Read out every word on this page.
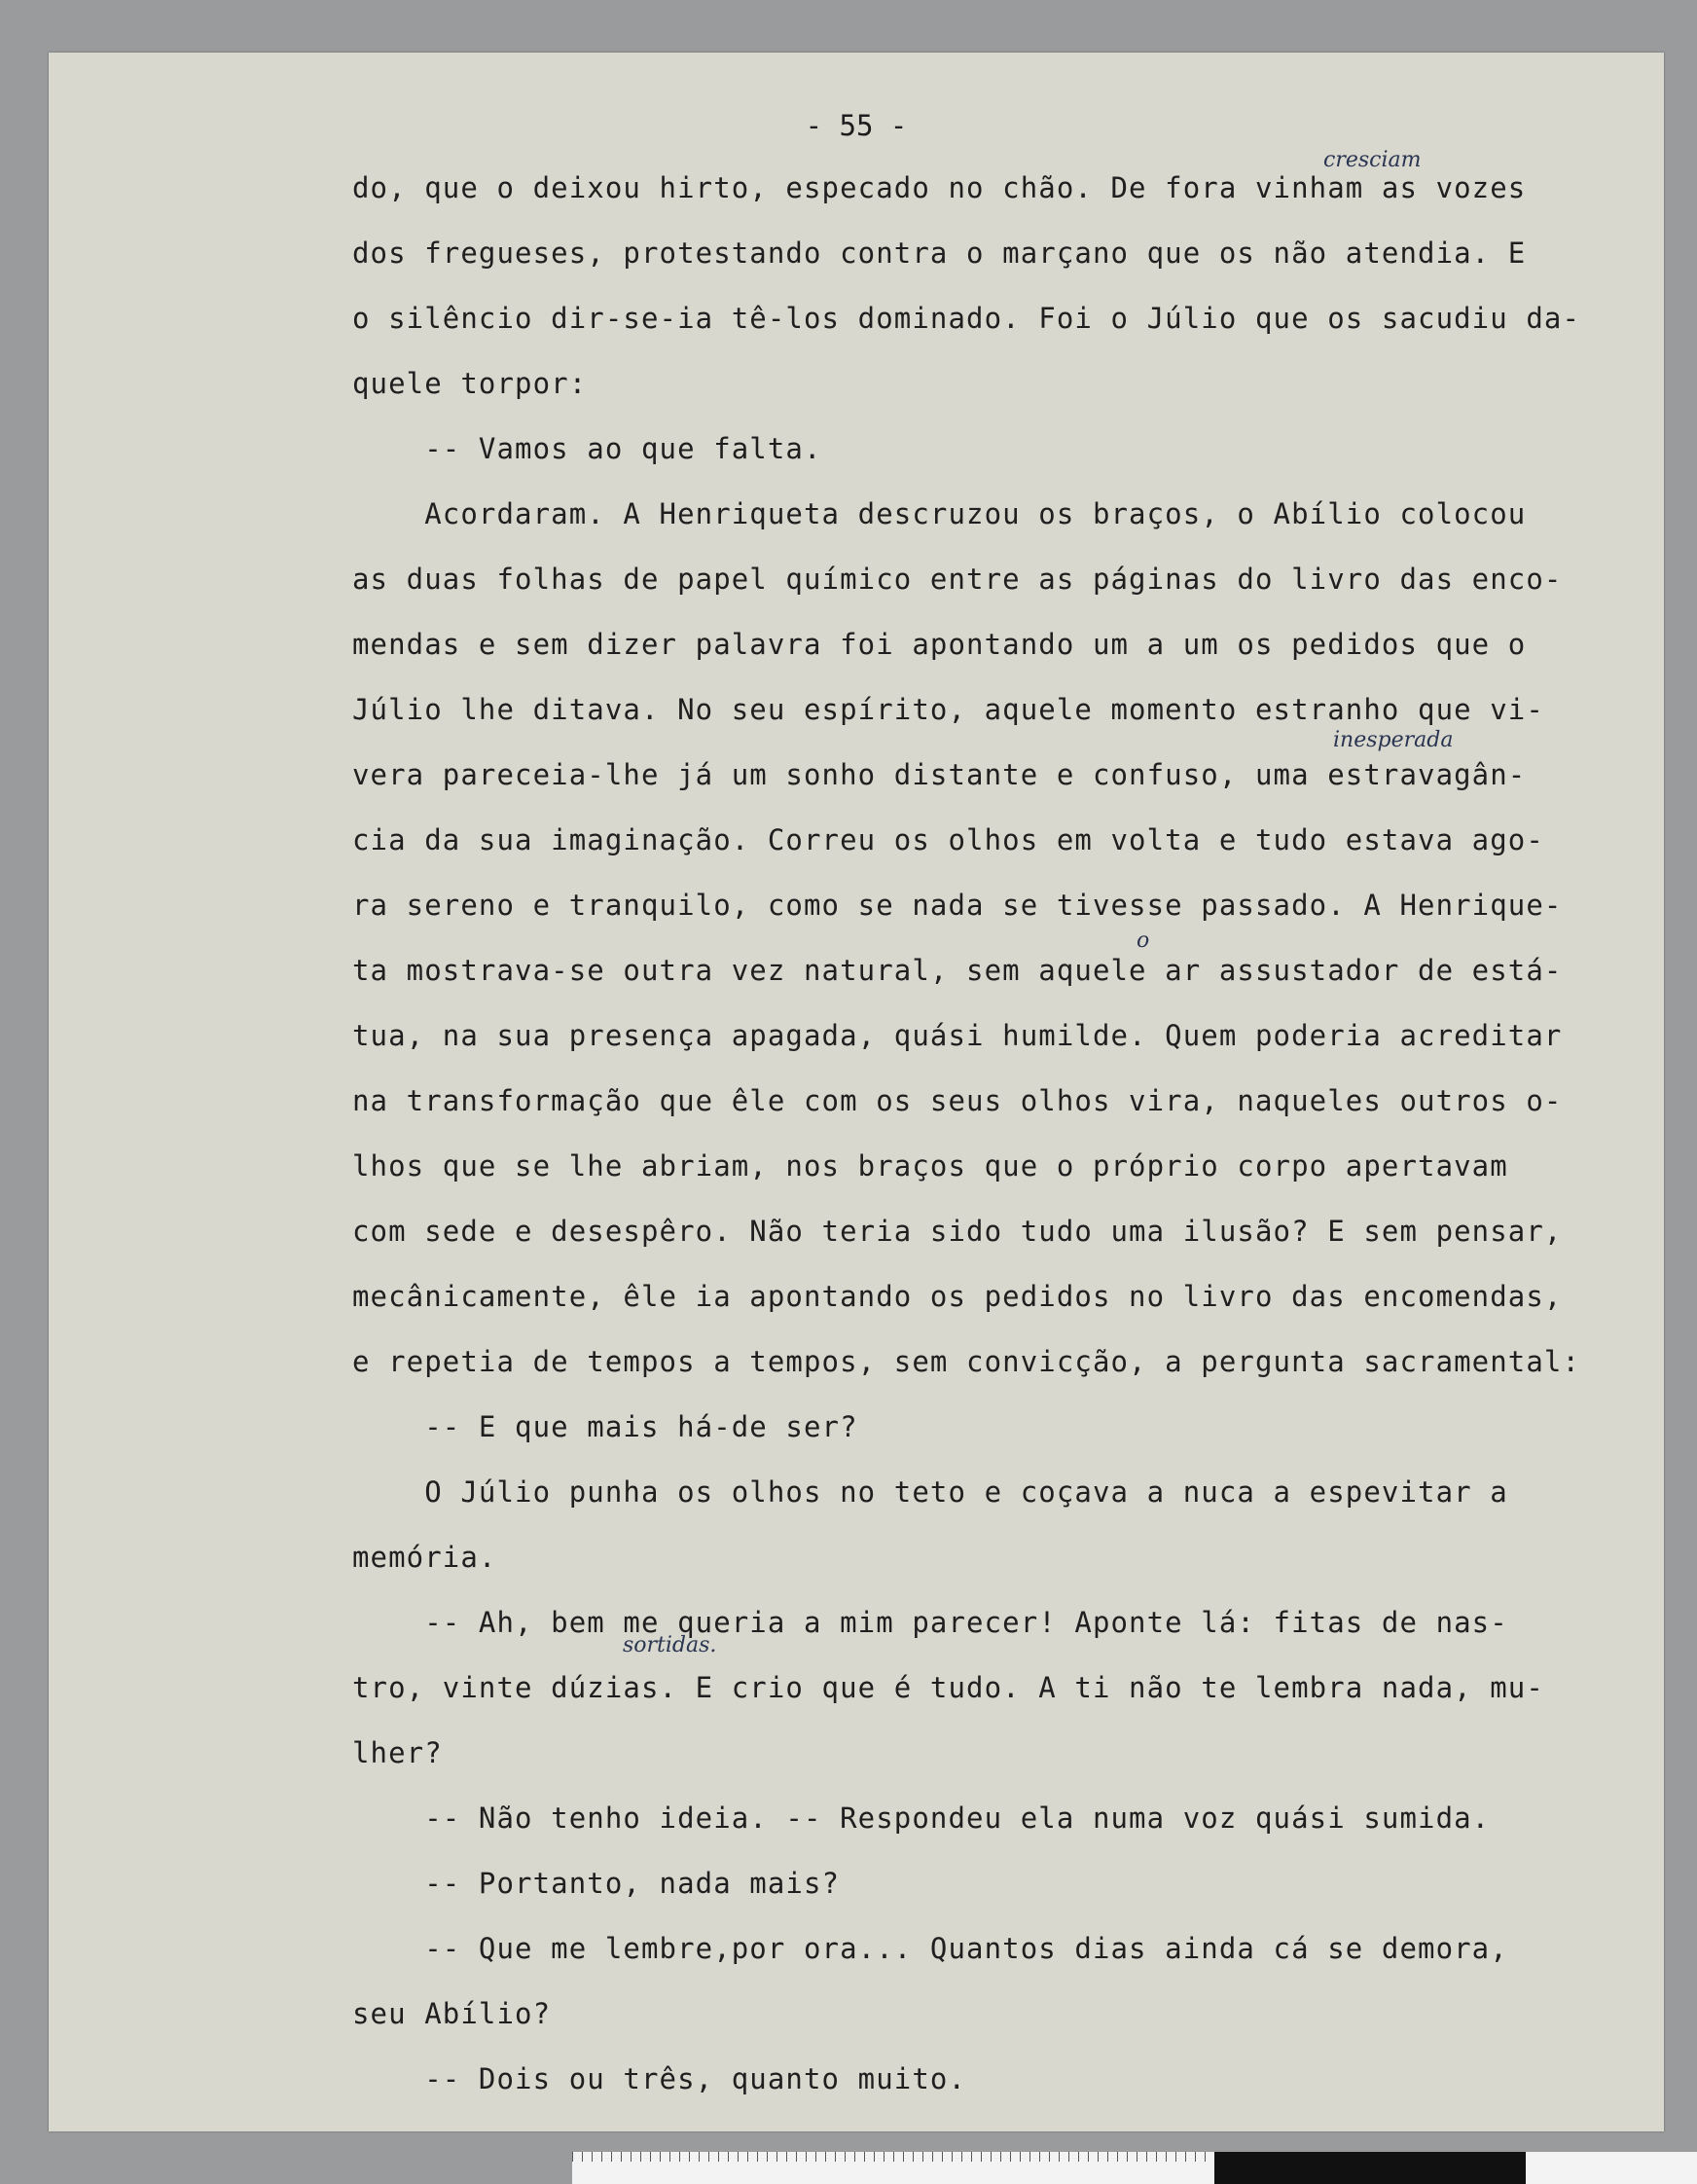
- 55 -
cresciam
inesperada
o
sortidas.
do, que o deixou hirto, especado no chão. De fora vinham as vozes
dos fregueses, protestando contra o marçano que os não atendia. E
o silêncio dir-se-ia tê-los dominado. Foi o Júlio que os sacudiu da-
quele torpor:
-- Vamos ao que falta.
Acordaram. A Henriqueta descruzou os braços, o Abílio colocou
as duas folhas de papel químico entre as páginas do livro das enco-
mendas e sem dizer palavra foi apontando um a um os pedidos que o
Júlio lhe ditava. No seu espírito, aquele momento estranho que vi-
vera pareceia-lhe já um sonho distante e confuso, uma estravagân-
cia da sua imaginação. Correu os olhos em volta e tudo estava ago-
ra sereno e tranquilo, como se nada se tivesse passado. A Henrique-
ta mostrava-se outra vez natural, sem aquele ar assustador de está-
tua, na sua presença apagada, quási humilde. Quem poderia acreditar
na transformação que êle com os seus olhos vira, naqueles outros o-
lhos que se lhe abriam, nos braços que o próprio corpo apertavam
com sede e desespêro. Não teria sido tudo uma ilusão? E sem pensar,
mecânicamente, êle ia apontando os pedidos no livro das encomendas,
e repetia de tempos a tempos, sem convicção, a pergunta sacramental:
-- E que mais há-de ser?
O Júlio punha os olhos no teto e coçava a nuca a espevitar a
memória.
-- Ah, bem me queria a mim parecer! Aponte lá: fitas de nas-
tro, vinte dúzias. E crio que é tudo. A ti não te lembra nada, mu-
lher?
-- Não tenho ideia. -- Respondeu ela numa voz quási sumida.
-- Portanto, nada mais?
-- Que me lembre,por ora... Quantos dias ainda cá se demora,
seu Abílio?
-- Dois ou três, quanto muito.
